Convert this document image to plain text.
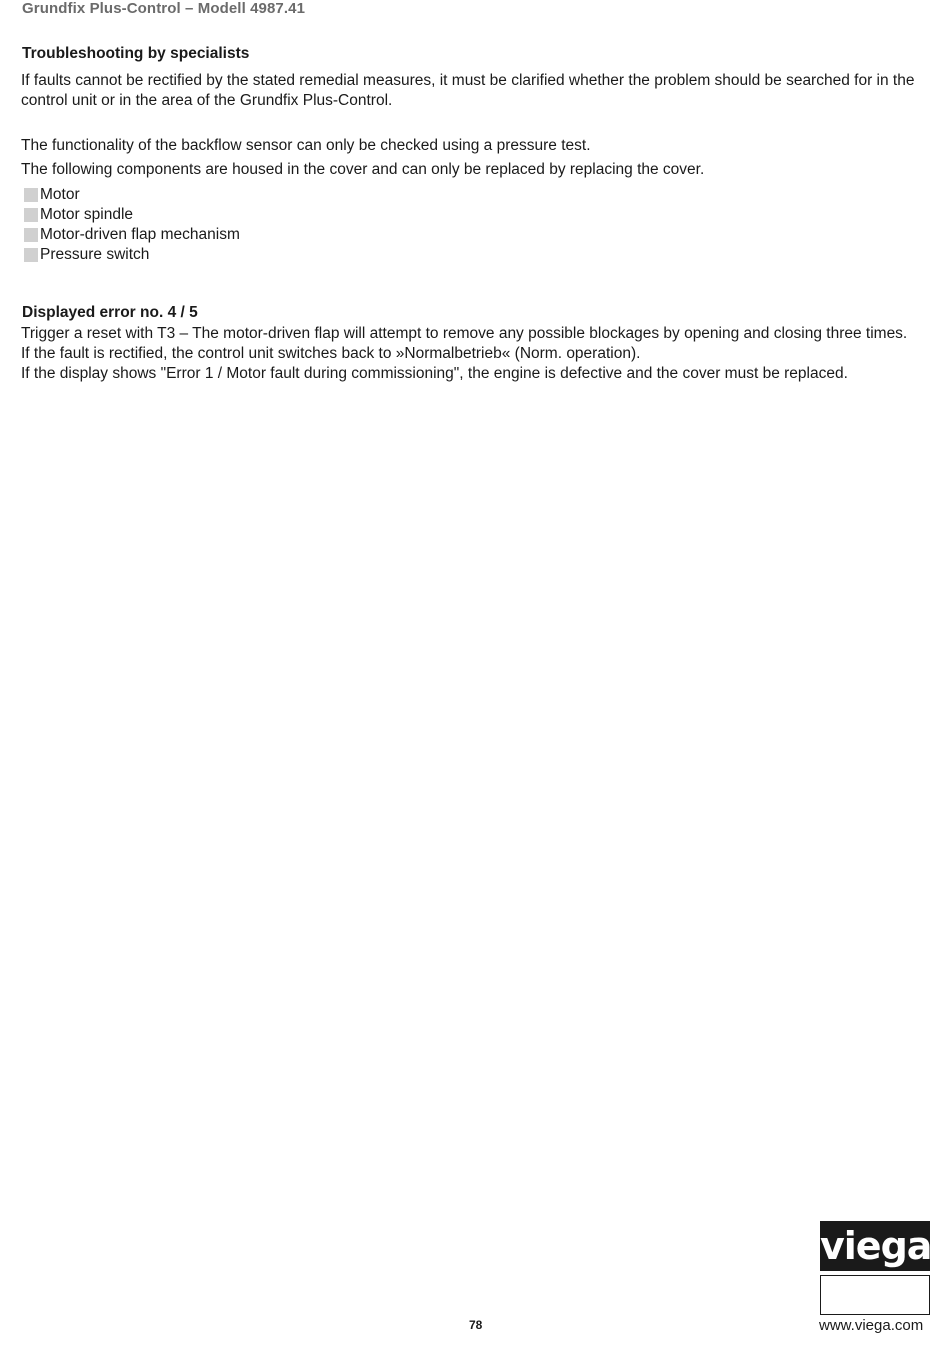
Grundfix Plus-Control – Modell 4987.41
Troubleshooting by specialists
If faults cannot be rectified by the stated remedial measures, it must be clarified whether the problem should be searched for in the control unit or in the area of the Grundfix Plus-Control.
The functionality of the backflow sensor can only be checked using a pressure test.
The following components are housed in the cover and can only be replaced by replacing the cover.
Motor
Motor spindle
Motor-driven flap mechanism
Pressure switch
Displayed error no. 4 / 5
Trigger a reset with T3 – The motor-driven flap will attempt to remove any possible blockages by opening and closing three times.
If the fault is rectified, the control unit switches back to »Normalbetrieb« (Norm. operation).
If the display shows "Error 1 / Motor fault during commissioning", the engine is defective and the cover must be replaced.
78
viega
www.viega.com
